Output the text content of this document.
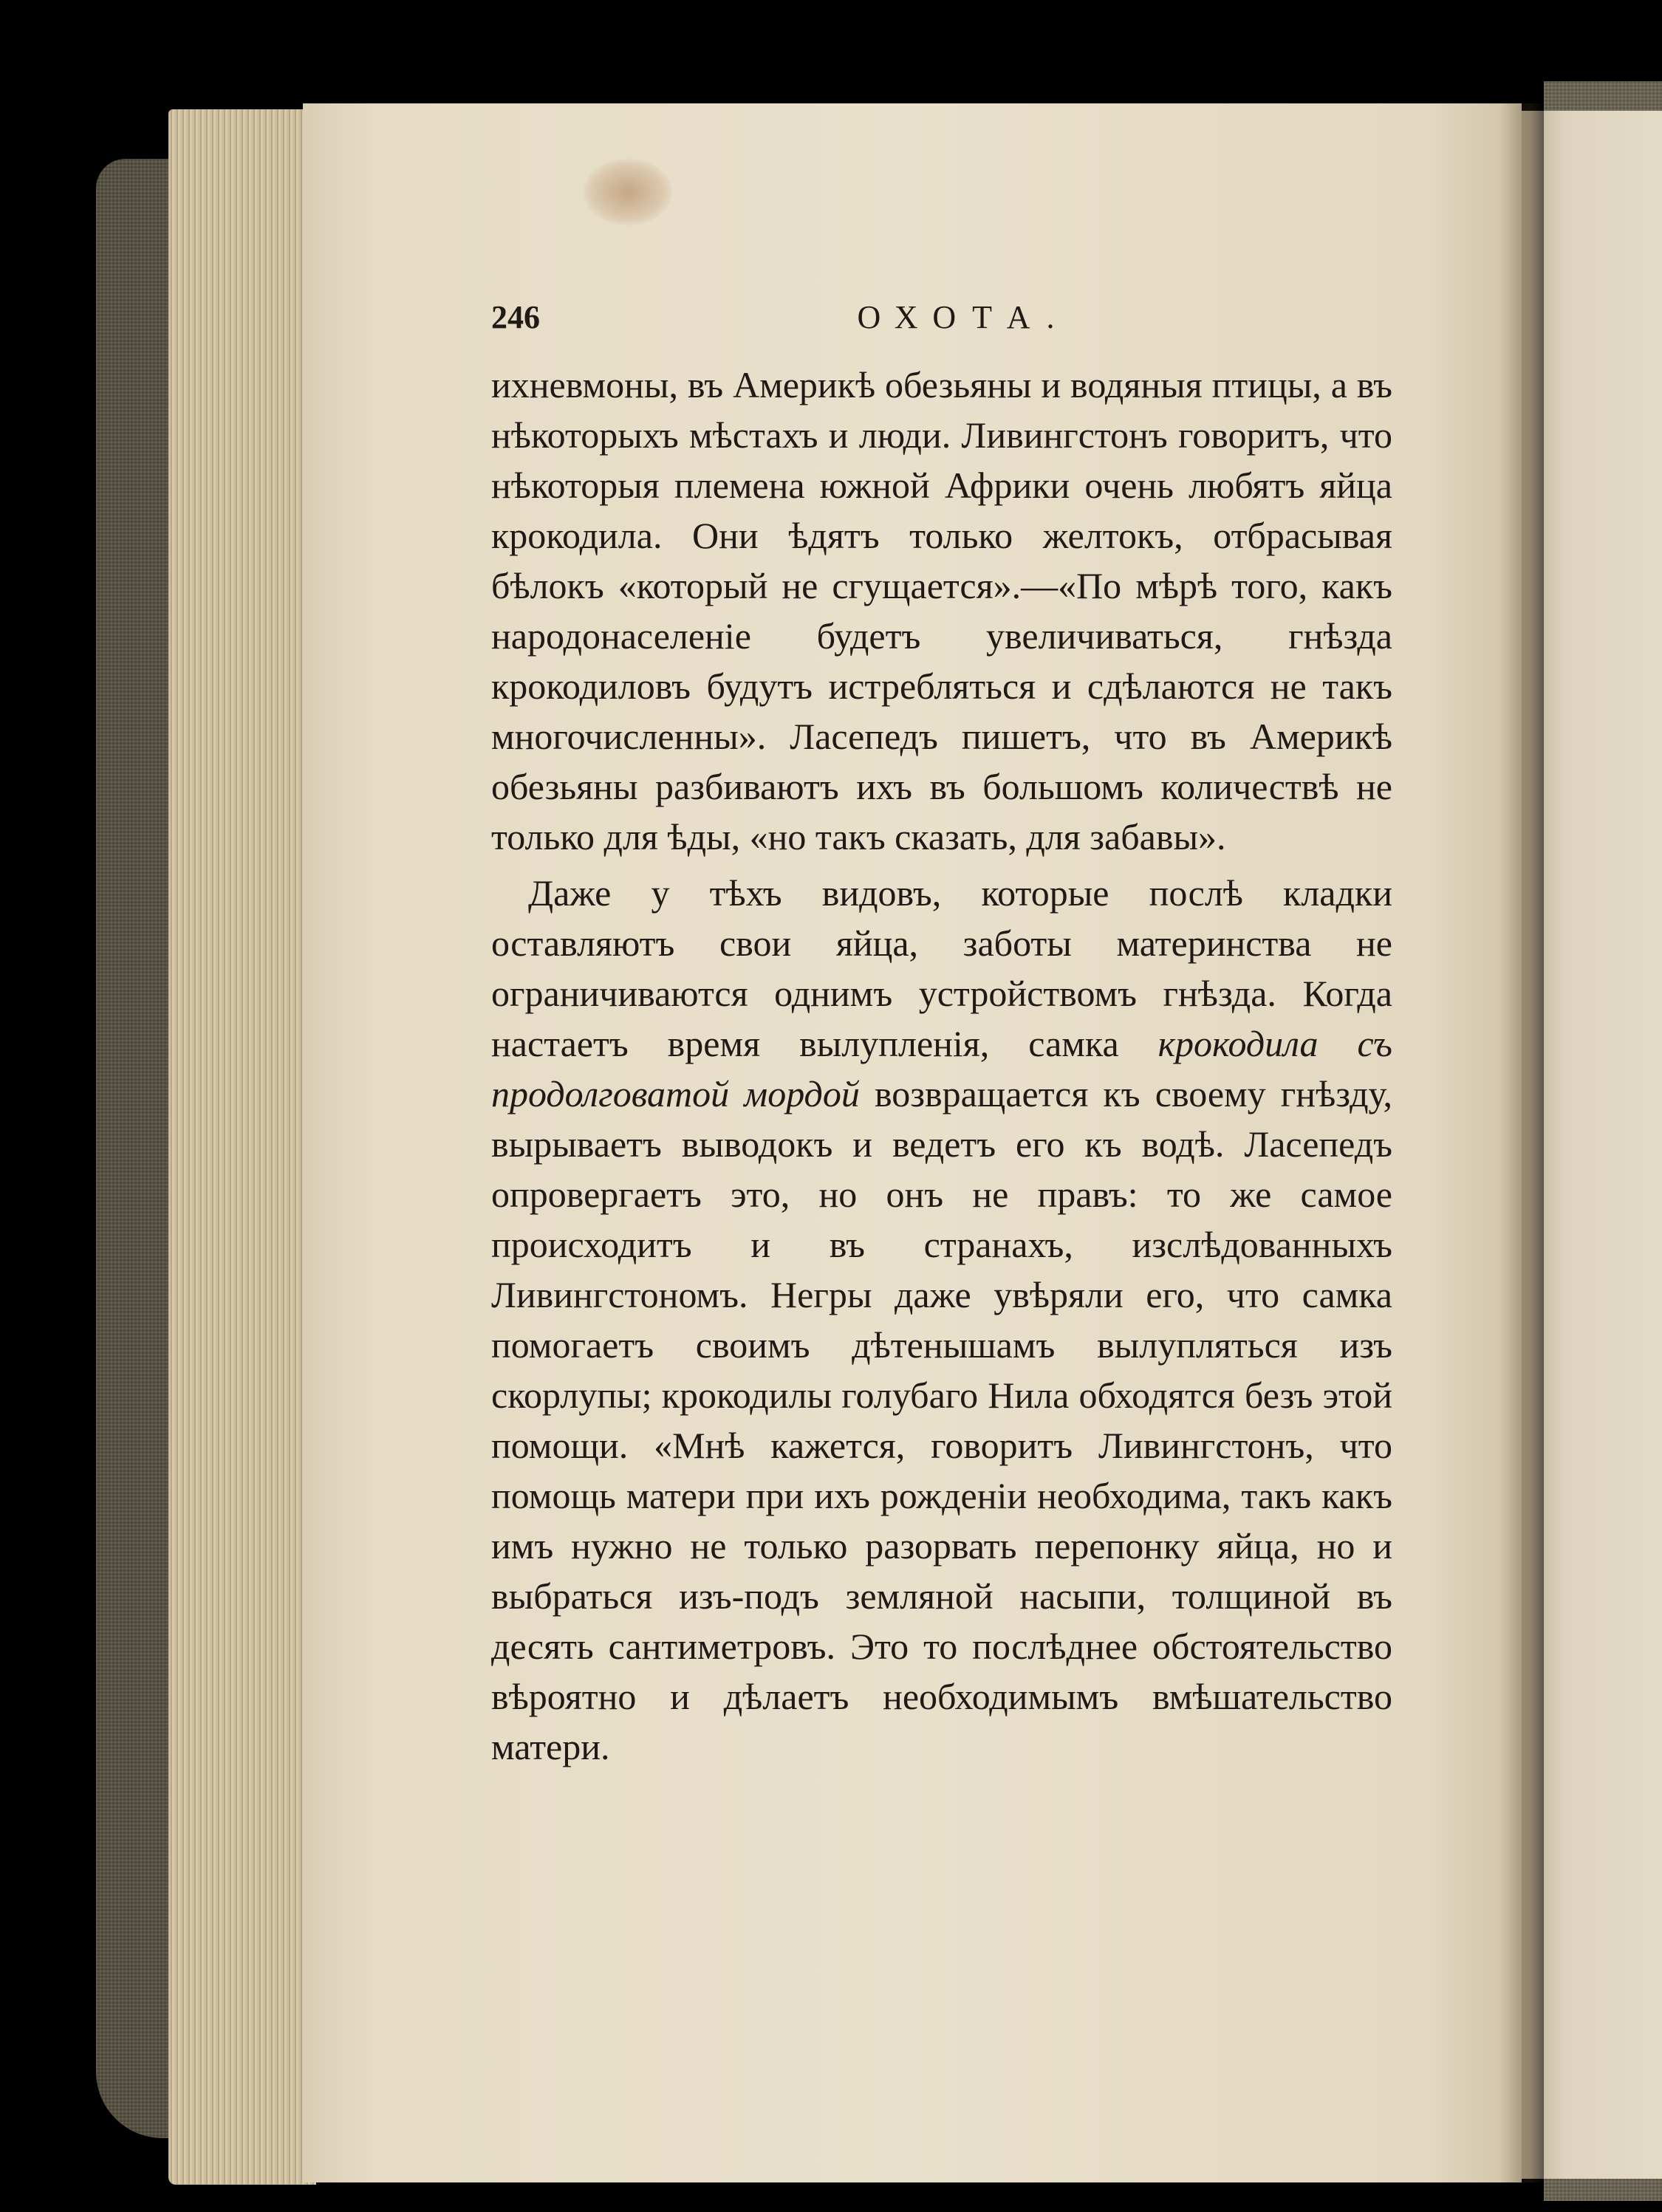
246	ОХОТА.

ихневмоны, въ Америкѣ обезьяны и водяныя птицы, а въ нѣкоторыхъ мѣстахъ и люди. Ливингстонъ говоритъ, что нѣкоторыя племена южной Африки очень любятъ яйца крокодила. Они ѣдятъ только желтокъ, отбрасывая бѣлокъ «который не сгущается».—«По мѣрѣ того, какъ народонаселеніе будетъ увеличиваться, гнѣзда крокодиловъ будутъ истребляться и сдѣлаются не такъ многочисленны». Ласепедъ пишетъ, что въ Америкѣ обезьяны разбиваютъ ихъ въ большомъ количествѣ не только для ѣды, «но такъ сказать, для забавы».

Даже у тѣхъ видовъ, которые послѣ кладки оставляютъ свои яйца, заботы материнства не ограничиваются однимъ устройствомъ гнѣзда. Когда настаетъ время вылупленія, самка крокодила съ продолговатой мордой возвращается къ своему гнѣзду, вырываетъ выводокъ и ведетъ его къ водѣ. Ласепедъ опровергаетъ это, но онъ не правъ: то же самое происходитъ и въ странахъ, изслѣдованныхъ Ливингстономъ. Негры даже увѣряли его, что самка помогаетъ своимъ дѣтенышамъ вылуплятьcя изъ скорлупы; крокодилы голубаго Нила обходятся безъ этой помощи. «Мнѣ кажется, говоритъ Ливингстонъ, что помощь матери при ихъ рожденіи необходима, такъ какъ имъ нужно не только разорвать перепонку яйца, но и выбраться изъ-подъ земляной насыпи, толщиной въ десять сантиметровъ. Это то послѣднее обстоятельство вѣроятно и дѣлаетъ необходимымъ вмѣшательство матери.
